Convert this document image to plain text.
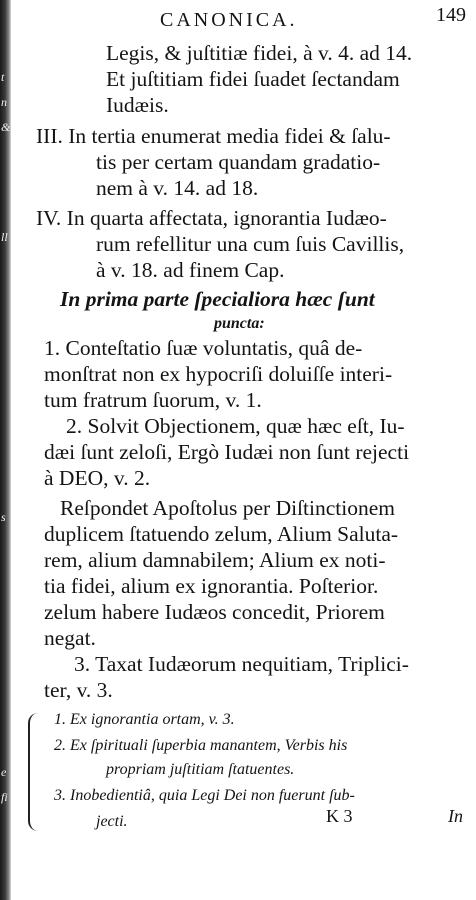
t
n
&
ll
s
e
fi
CANONICA.	149
Legis, & juſtitiæ fidei, à v. 4. ad 14.
Et juſtitiam fidei ſuadet ſectandam
Iudæis.
III. In tertia enumerat media fidei & ſalu-
tis per certam quandam gradatio-
nem à v. 14. ad 18.
IV. In quarta affectata, ignorantia Iudæo-
rum refellitur una cum ſuis Cavillis,
à v. 18. ad finem Cap.
In prima parte ſpecialiora hæc ſunt
puncta:
1. Conteſtatio ſuæ voluntatis, quâ de-
monſtrat non ex hypocriſi doluiſſe interi-
tum fratrum ſuorum, v. 1.
2. Solvit Objectionem, quæ hæc eſt, Iu-
dæi ſunt zeloſi, Ergò Iudæi non ſunt rejecti
à DEO, v. 2.
Reſpondet Apoſtolus per Diſtinctionem
duplicem ſtatuendo zelum, Alium Saluta-
rem, alium damnabilem; Alium ex noti-
tia fidei, alium ex ignorantia. Poſterior.
zelum habere Iudæos concedit, Priorem
negat.
3. Taxat Iudæorum nequitiam, Triplici-
ter, v. 3.
1. Ex ignorantia ortam, v. 3.
2. Ex ſpirituali ſuperbia manantem, Verbis his
propriam juſtitiam ſtatuentes.
3. Inobedientiâ, quia Legi Dei non fuerunt ſub-
jecti.	K 3	In
